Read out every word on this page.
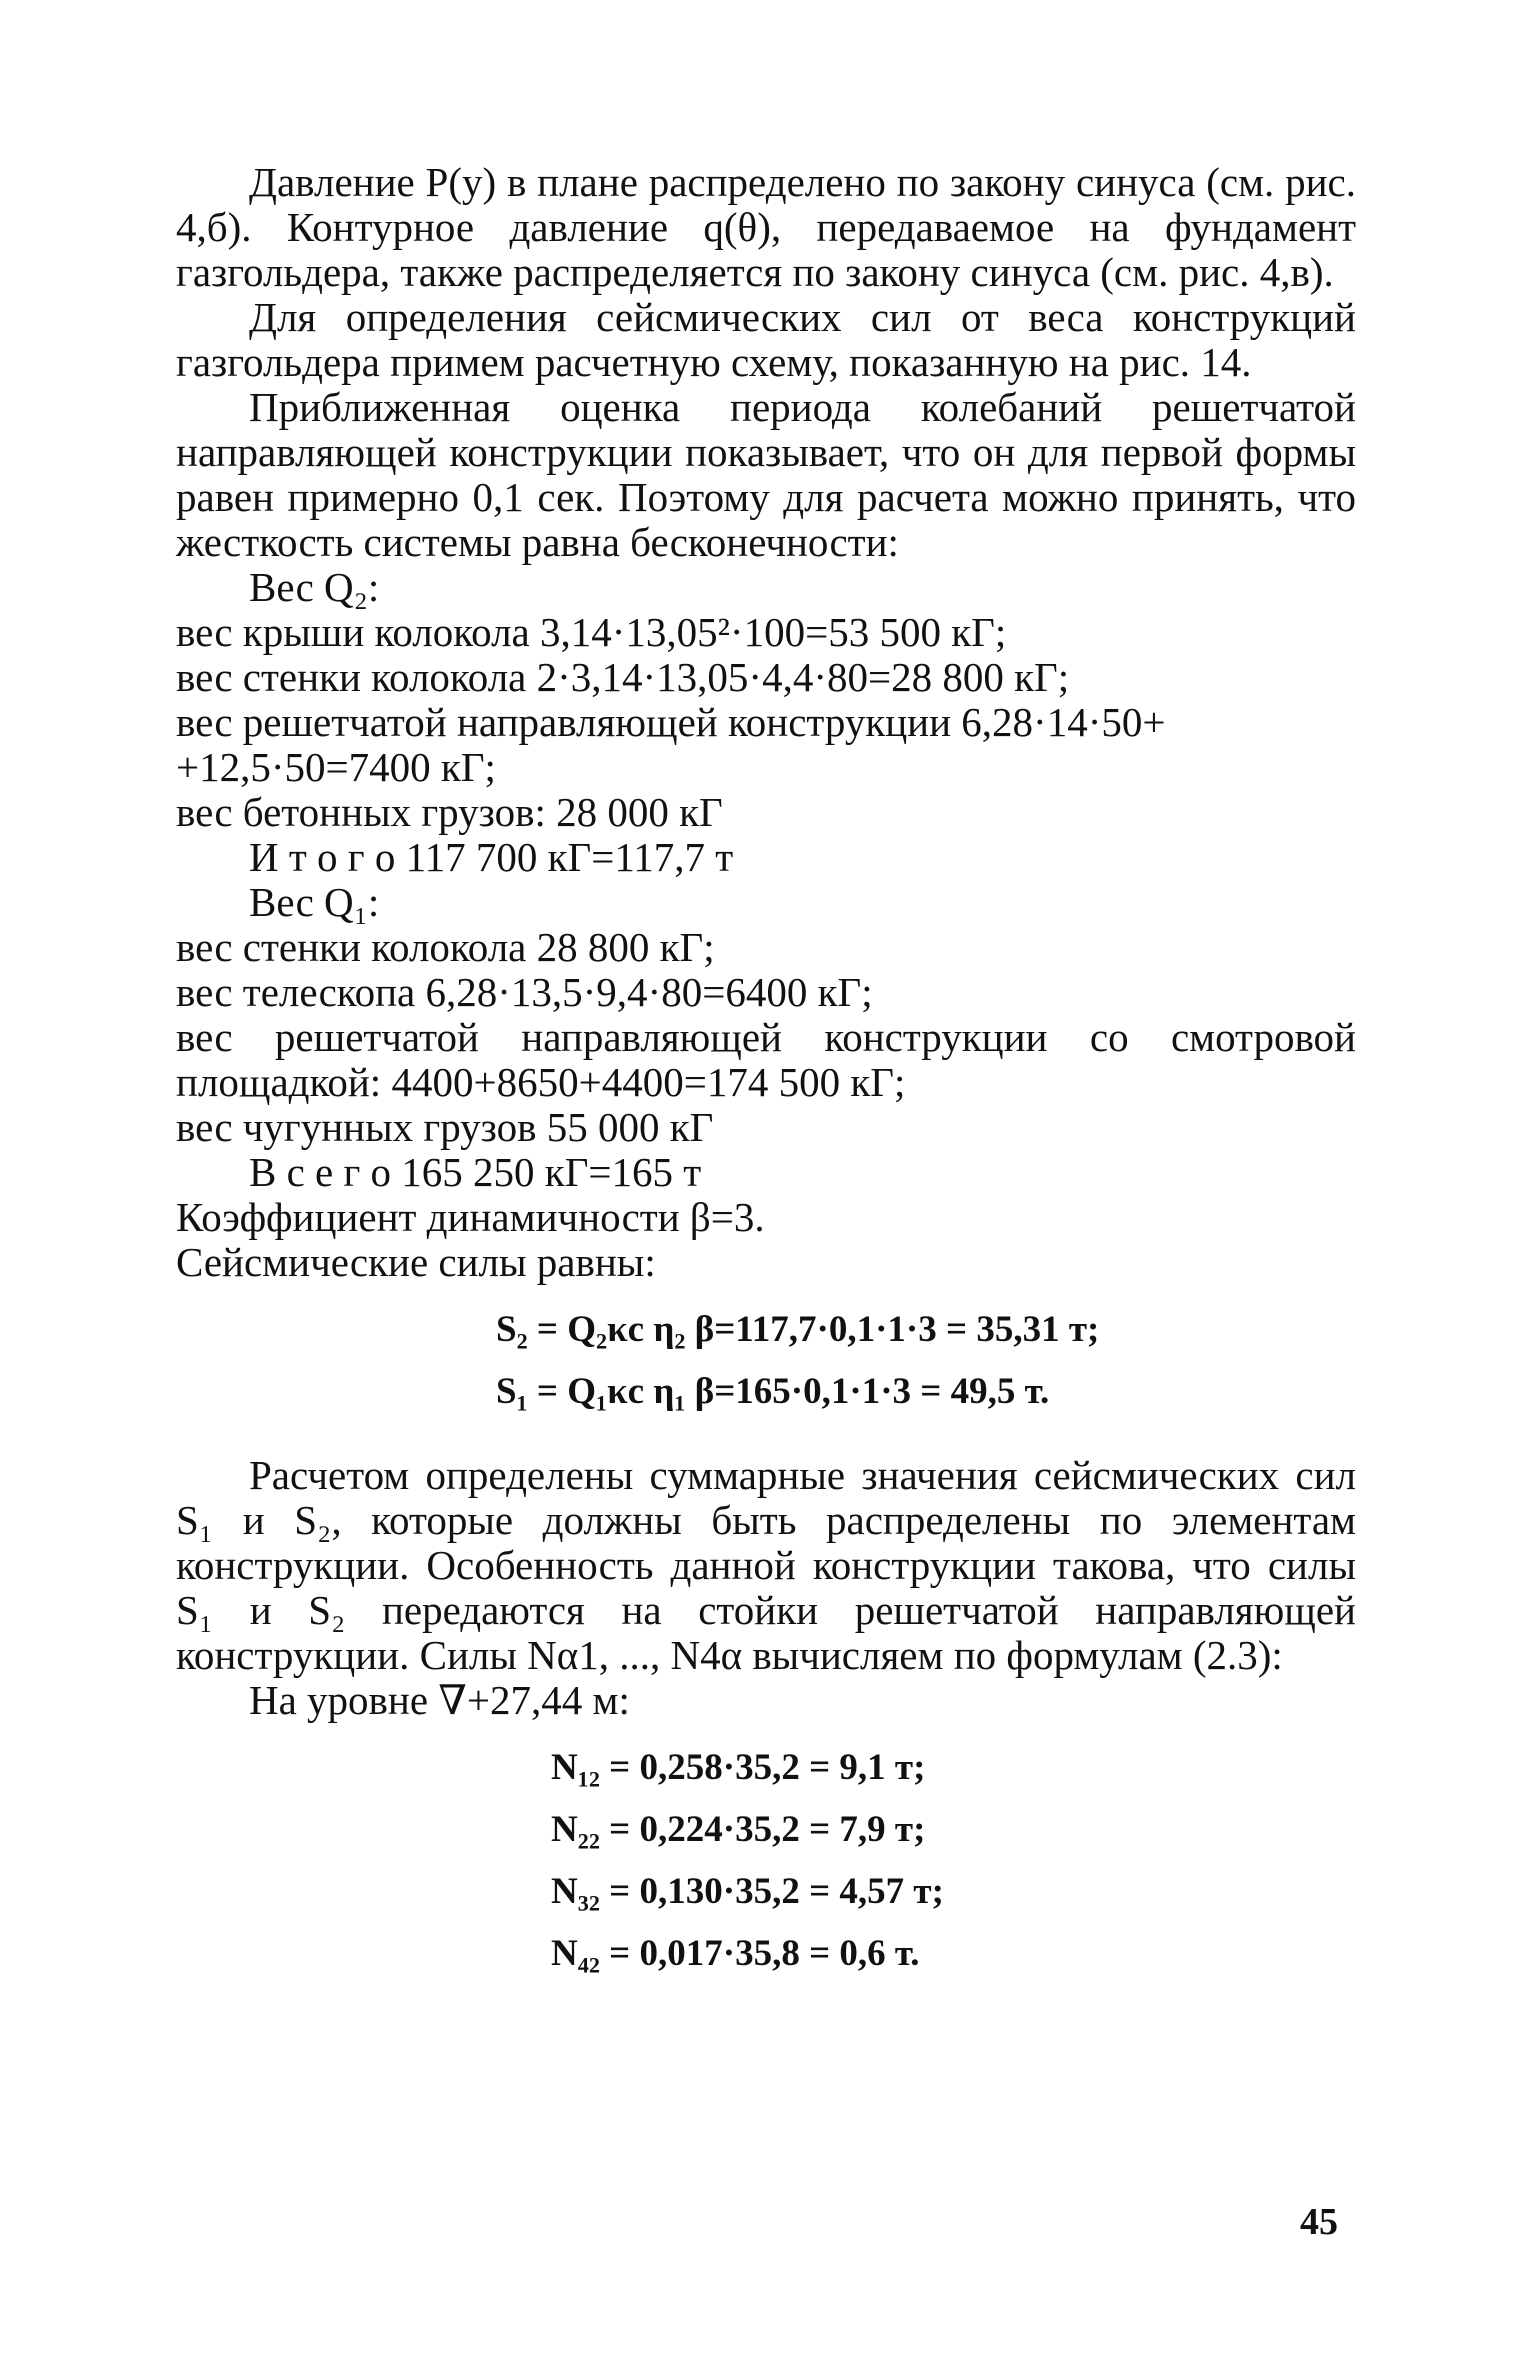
Давление P(y) в плане распределено по закону синуса (см. рис. 4,б). Контурное давление q(θ), передаваемое на фундамент газгольдера, также распределяется по закону синуса (см. рис. 4,в).

Для определения сейсмических сил от веса конструкций газгольдера примем расчетную схему, показанную на рис. 14.

Приближенная оценка периода колебаний решетчатой направляющей конструкции показывает, что он для первой формы равен примерно 0,1 сек. Поэтому для расчета можно принять, что жесткость системы равна бесконечности:

Вес Q₂:
вес крыши колокола 3,14·13,05²·100=53 500 кГ;
вес стенки колокола 2·3,14·13,05·4,4·80=28 800 кГ;
вес решетчатой направляющей конструкции 6,28·14·50+
+12,5·50=7400 кГ;
вес бетонных грузов: 28 000 кГ
И т о г о 117 700 кГ=117,7 т
Вес Q₁:
вес стенки колокола 28 800 кГ;
вес телескопа 6,28·13,5·9,4·80=6400 кГ;

вес решетчатой направляющей конструкции со смотровой площадкой: 4400+8650+4400=174 500 кГ;

вес чугунных грузов 55 000 кГ
В с е г о 165 250 кГ=165 т
Коэффициент динамичности β=3.
Сейсмические силы равны:
S₂ = Q₂κc η₂ β=117,7·0,1·1·3 = 35,31 т;
S₁ = Q₁κc η₁ β=165·0,1·1·3 = 49,5 т.

Расчетом определены суммарные значения сейсмических сил S₁ и S₂, которые должны быть распределены по элементам конструкции. Особенность данной конструкции такова, что силы S₁ и S₂ передаются на стойки решетчатой направляющей конструкции. Силы Nα1, ..., N4α вычисляем по формулам (2.3):

На уровне ∇+27,44 м:
N₁₂ = 0,258·35,2 = 9,1 т;
N₂₂ = 0,224·35,2 = 7,9 т;
N₃₂ = 0,130·35,2 = 4,57 т;
N₄₂ = 0,017·35,8 = 0,6 т.
45
